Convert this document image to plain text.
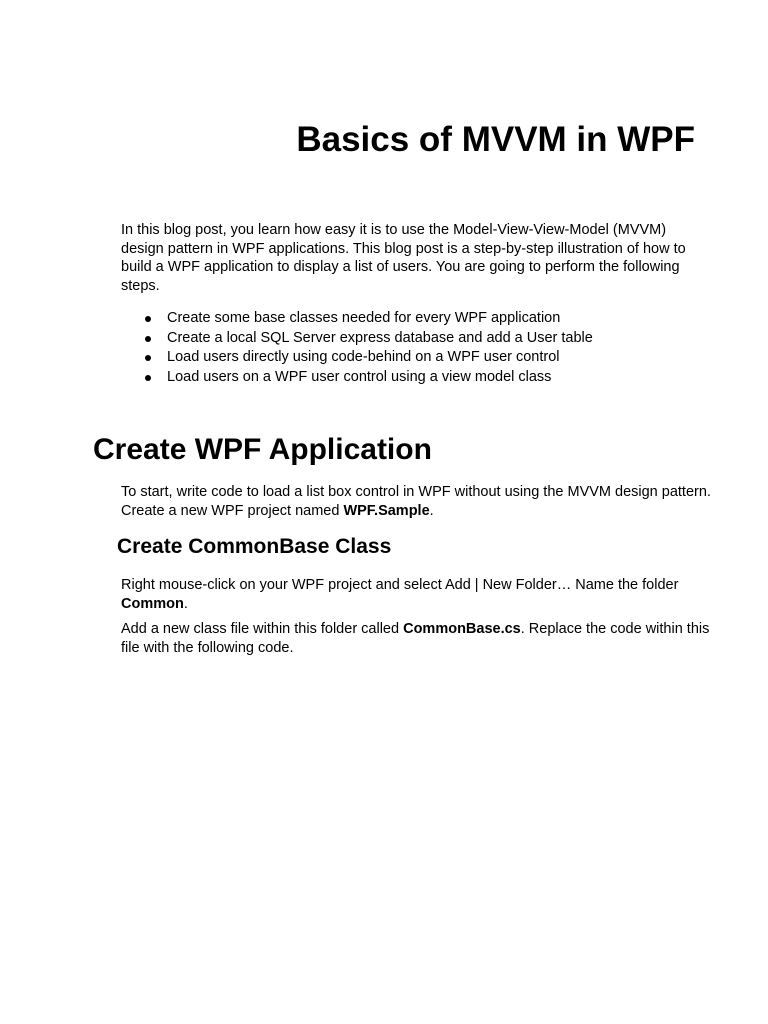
Basics of MVVM in WPF

In this blog post, you learn how easy it is to use the Model-View-View-Model (MVVM) design pattern in WPF applications. This blog post is a step-by-step illustration of how to build a WPF application to display a list of users. You are going to perform the following steps.

Create some base classes needed for every WPF application
Create a local SQL Server express database and add a User table
Load users directly using code-behind on a WPF user control
Load users on a WPF user control using a view model class
Create WPF Application

To start, write code to load a list box control in WPF without using the MVVM design pattern. Create a new WPF project named WPF.Sample.

Create CommonBase Class

Right mouse-click on your WPF project and select Add | New Folder… Name the folder Common.

Add a new class file within this folder called CommonBase.cs. Replace the code within this file with the following code.
